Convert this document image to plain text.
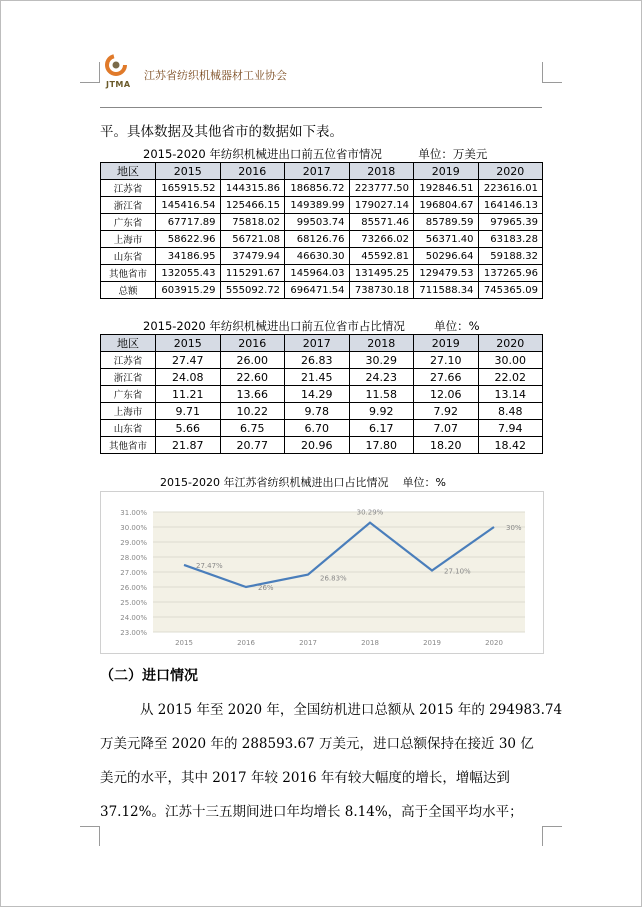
JTMA
江苏省纺织机械器材工业协会
平。具体数据及其他省市的数据如下表。
2015-2020 年纺织机械进出口前五位省市情况          单位：万美元
地区	2015	2016	2017	2018	2019	2020
江苏省	165915.52	144315.86	186856.72	223777.50	192846.51	223616.01
浙江省	145416.54	125466.15	149389.99	179027.14	196804.67	164146.13
广东省	67717.89	75818.02	99503.74	85571.46	85789.59	97965.39
上海市	58622.96	56721.08	68126.76	73266.02	56371.40	63183.28
山东省	34186.95	37479.94	46630.30	45592.81	50296.64	59188.32
其他省市	132055.43	115291.67	145964.03	131495.25	129479.53	137265.96
总额	603915.29	555092.72	696471.54	738730.18	711588.34	745365.09
2015-2020 年纺织机械进出口前五位省市占比情况        单位：%
地区	2015	2016	2017	2018	2019	2020
江苏省	27.47	26.00	26.83	30.29	27.10	30.00
浙江省	24.08	22.60	21.45	24.23	27.66	22.02
广东省	11.21	13.66	14.29	11.58	12.06	13.14
上海市	9.71	10.22	9.78	9.92	7.92	8.48
山东省	5.66	6.75	6.70	6.17	7.07	7.94
其他省市	21.87	20.77	20.96	17.80	18.20	18.42
2015-2020 年江苏省纺织机械进出口占比情况    单位：%
23.00%
24.00%
25.00%
26.00%
27.00%
28.00%
29.00%
30.00%
31.00%
27.47%
2015
26%
2016
26.83%
2017
30.29%
2018
27.10%
2019
30%
2020
（二）进口情况
从 2015 年至 2020 年，全国纺机进口总额从 2015 年的 294983.74
万美元降至 2020 年的 288593.67 万美元，进口总额保持在接近 30 亿
美元的水平，其中 2017 年较 2016 年有较大幅度的增长，增幅达到
37.12%。江苏十三五期间进口年均增长 8.14%，高于全国平均水平；
